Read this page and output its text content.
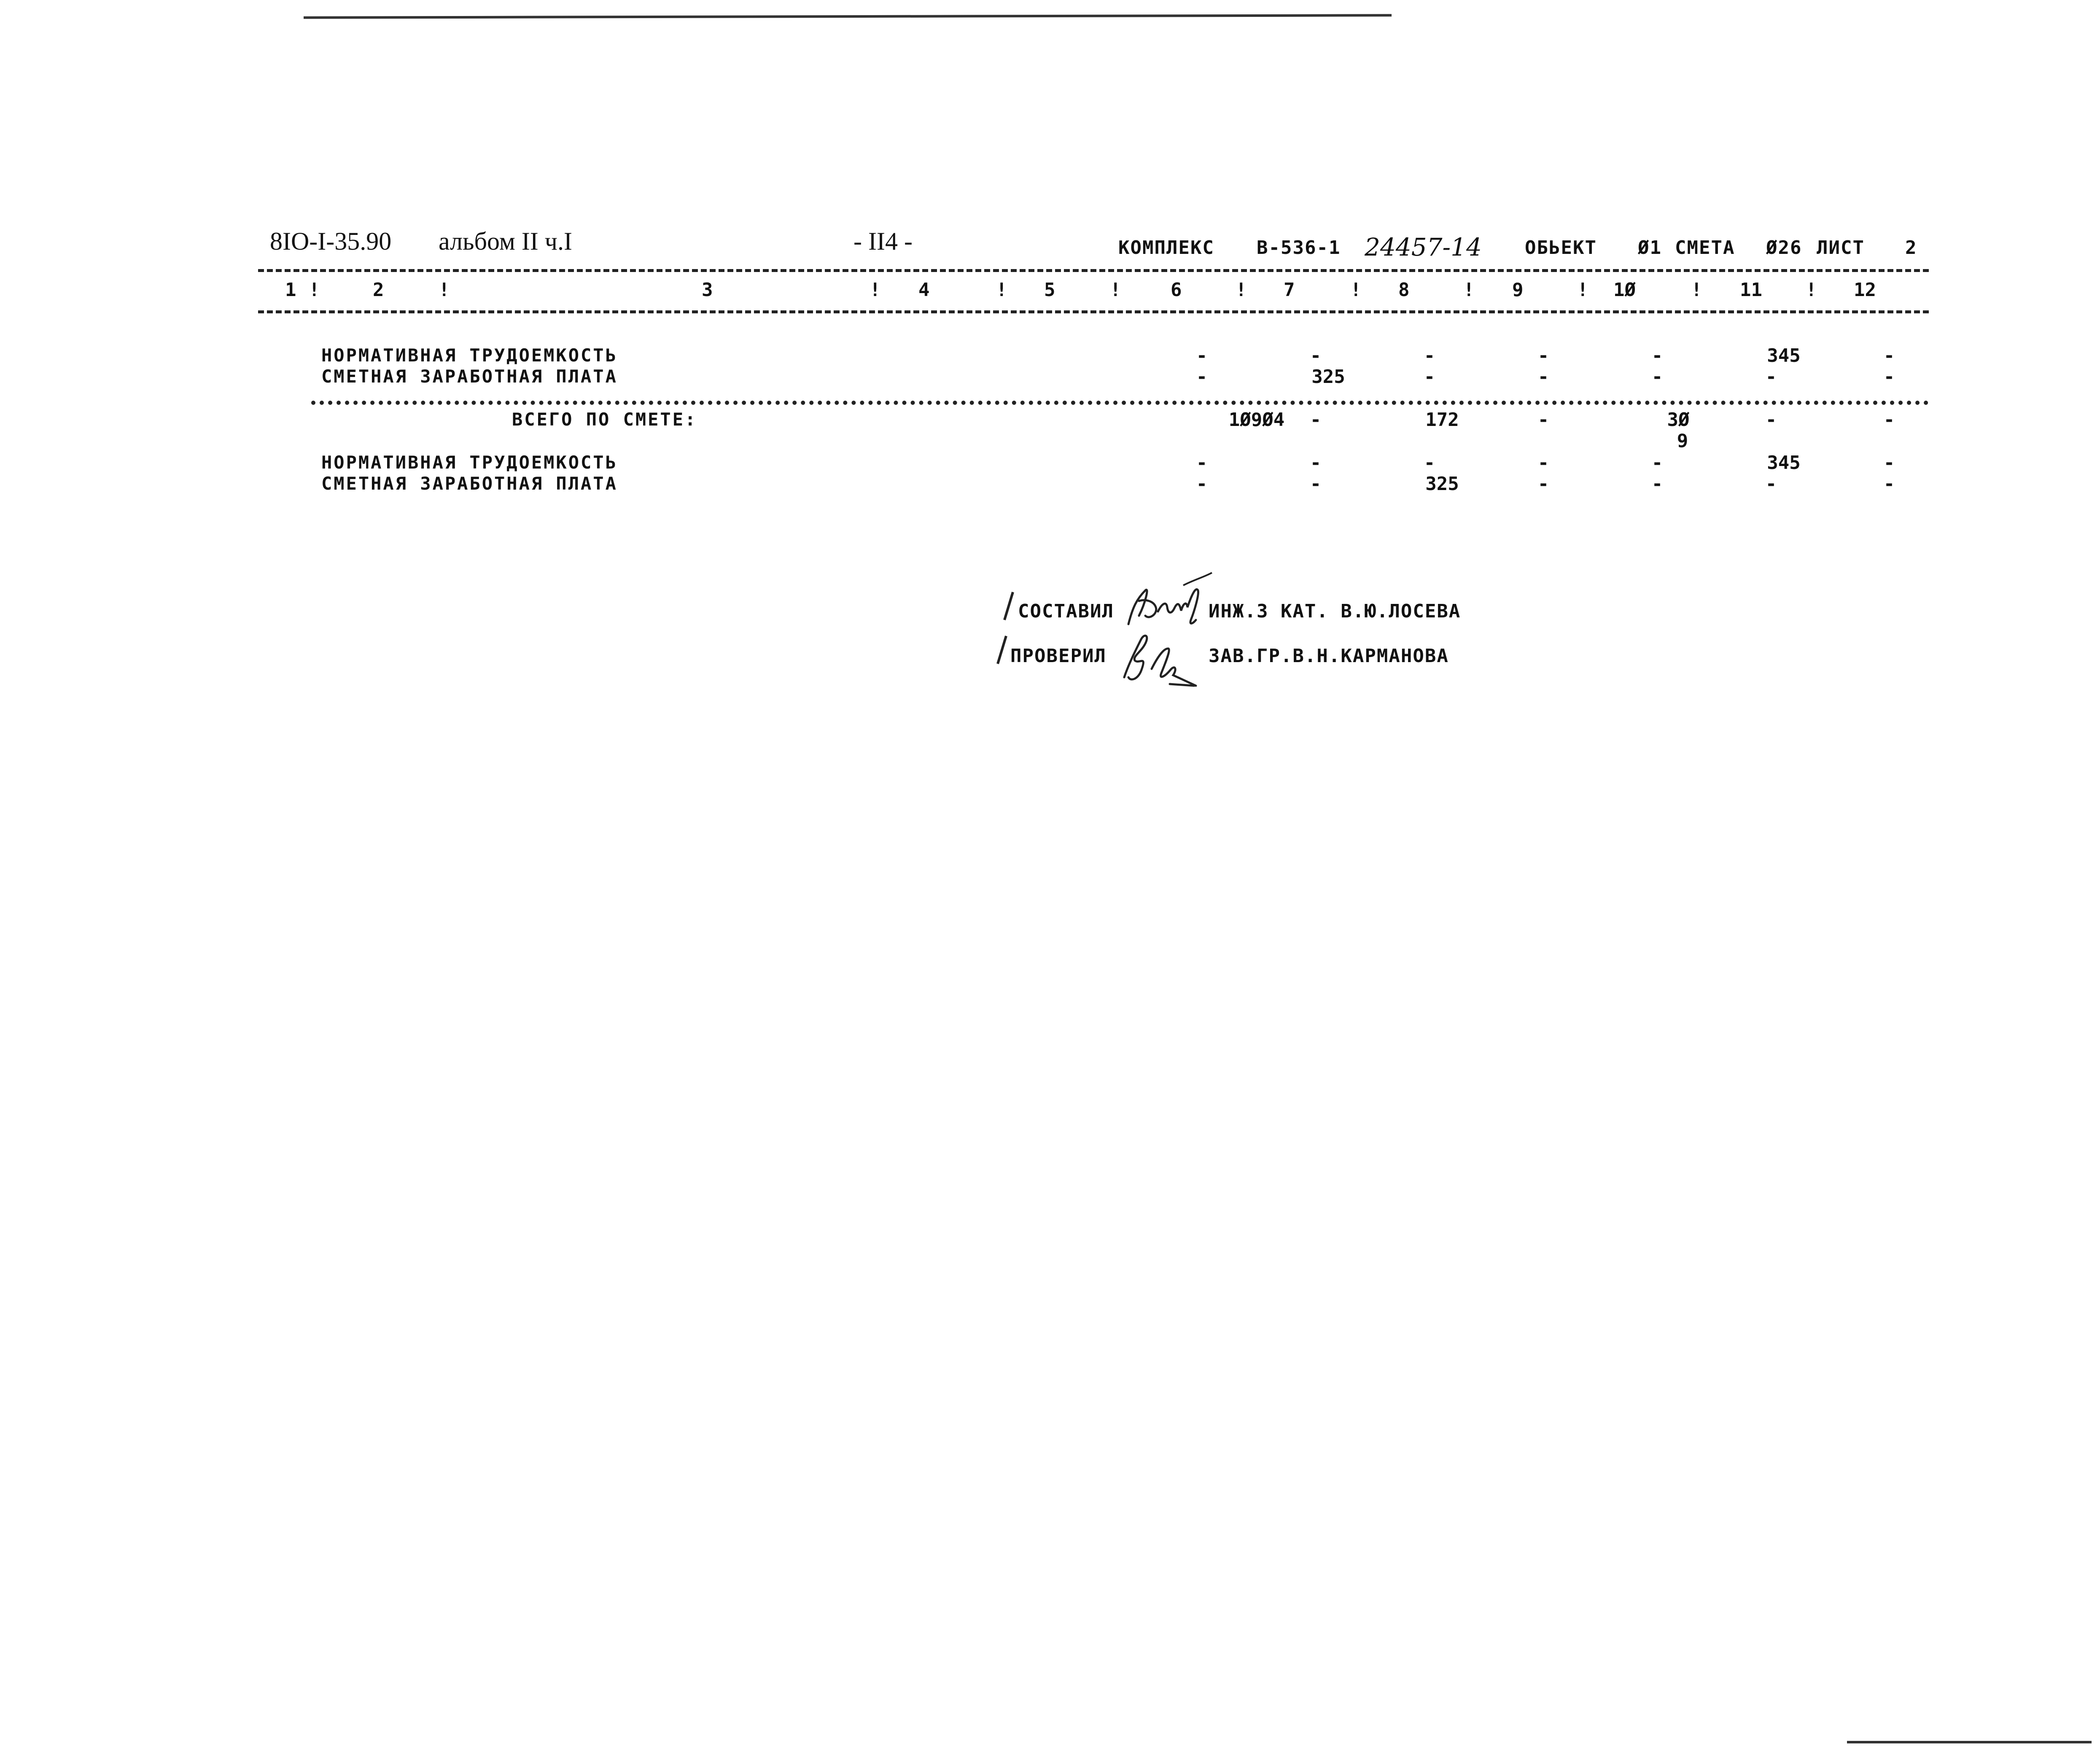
8IO-I-35.90 альбом II ч.I	- II4 -	КОМПЛЕКС В-536-1 24457-14 ОБЬЕКТ Ø1 СМЕТА Ø26 ЛИСТ 2
1 !	2	!	3	! 4	! 5	!	6	! 7	! 8	! 9	! 1Ø	! 11 ! 12
НОРМАТИВНАЯ ТРУДОЕМКОСТЬ	-	-	-	-	-	345	-
СМЕТНАЯ ЗАРАБОТНАЯ ПЛАТА	-	325	-	-	-	-	-
ВСЕГО ПО СМЕТЕ:	1Ø9Ø4	-	172	-	3Ø	-	-
9
НОРМАТИВНАЯ ТРУДОЕМКОСТЬ	-	-	-	-	-	345	-
СМЕТНАЯ ЗАРАБОТНАЯ ПЛАТА	-	-	325	-	-	-	-
СОСТАВИЛ	ИНЖ.3 КАТ. В.Ю.ЛОСЕВА
ПРОВЕРИЛ	ЗАВ.ГР.В.Н.КАРМАНОВА
